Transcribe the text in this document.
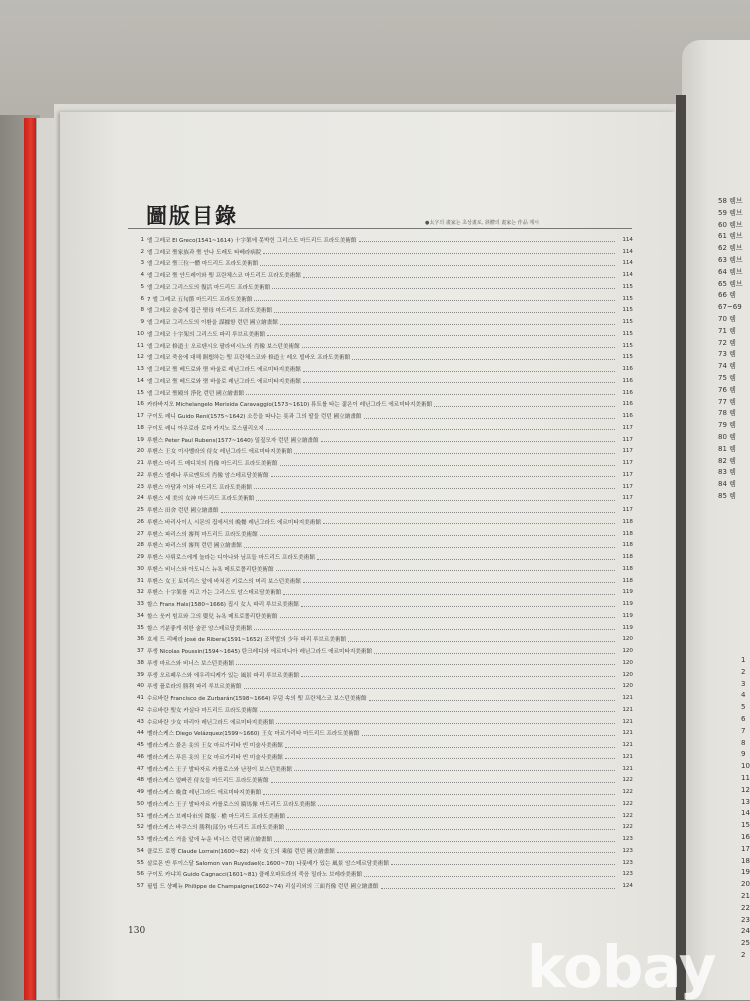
圖版目錄	●太字의 畫家는 초상畫로, 斜體의 畫家는 作品 제시
1 엘 그레코 El Greco(1541~1614) 十字架에 못박힌 그리스도 마드리드 프라도美術館	114
2 엘 그레코 聖家族과 聖 안나 도레도 타베라病院	114
3 엘 그레코 聖三位一體 마드리드 프라도美術館	114
4 엘 그레코 聖 안드레이와 聖 프란체스코 마드리드 프라도美術館	114
5 엘 그레코 그리스도의 復活 마드리드 프라도美術館	115
6 7 엘 그레코 五旬節 마드리드 프라도美術館	115
8 엘 그레코 술총에 접근 聖母 마드리드 프라도美術館	115
9 엘 그레코 그리스도의 이환을 謀據함 런던 國立繪畫館	115
10 엘 그레코 十字架의 그리스도 파리 루브르美術館	115
11 엘 그레코 修道士 오르텐시오 팔라비시노의 肖像 보스턴美術館	115
12 엘 그레코 죽음에 대해 瞑想하는 聖 프란체스코와 修道士 레오 빌바오 프라도美術館	115
13 엘 그레코 聖 베드로와 聖 바울로 레닌그라드 에르미타지美術館	116
14 엘 그레코 聖 베드로와 聖 바울로 레닌그라드 에르미타지美術館	116
15 엘 그레코 聖殿의 淨化 런던 國立繪畫館	116
16 카라바지오 Michelangelo Merisida Caravaggio(1573~1610) 류트를 타는 젊은이 레닌그라드 에르미타지美術館	116
17 구이도 레니 Guido Reni(1575~1642) 소등을 따나는 롯과 그의 딸들 런던 國立繪畫館	116
18 구이도 레니 아우로라 로마 카지노 로스필리오지	117
19 루벤스 Peter Paul Rubens(1577~1640) 밀짚모자 런던 國立繪畫館	117
20 루벤스 王女 이사벨라의 侍女 레닌그라드 에르미타지美術館	117
21 루벤스 마리 드 메디치의 肖像 마드리드 프라도美術館	117
22 루벤스 엘레나 푸르멘트의 肖像 암스테르담美術館	117
23 루벤스 아담과 이와 마드리드 프라도美術館	117
24 루벤스 세 美의 女神 마드리드 프라도美術館	117
25 루벤스 田舍 런던 國立繪畫館	117
26 루벤스 바리사이人 시몬의 집에서의 晩餐 레닌그라드 에르미타지美術館	118
27 루벤스 파리스의 審判 마드리드 프라도美術館	118
28 루벤스 파리스의 審判 런던 國立繪畫館	118
29 루벤스 사튀로스에게 놀라는 디아나와 님프들 마드리드 프라도美術館	118
30 루벤스 비너스와 아도니스 뉴욕 메트로폴리탄美術館	118
31 루벤스 女王 토미리스 앞에 바쳐진 키로스의 머리 보스턴美術館	118
32 루벤스 十字架를 지고 가는 그리스도 암스테르담美術館	119
33 할스 Frans Hals(1580~1666) 집시 女人 파리 루브르美術館	119
34 할스 웃커 힘프와 그의 嬰兒 뉴욕 메트로폴리탄美術館	119
35 할스 기분좋게 취한 술꾼 암스테르담美術館	119
36 호세 드 리베라 José de Ribera(1591~1652) 조막발의 少年 파리 루브르美術館	120
37 푸생 Nicolas Poussin(1594~1645) 탄크레디와 에르미니아 레닌그라드 에르미타지美術館	120
38 푸생 마르스와 비너스 보스턴美術館	120
39 푸생 오르페우스와 에우리디케가 있는 風景 파리 루브르美術館	120
40 푸생 플로라의 勝利 파리 루브르美術館	120
41 수르바란 Francisco de Zurbarán(1598~1664) 무덤 속의 聖 프란체스코 보스턴美術館	121
42 수르바란 聖女 카실다 마드리드 프라도美術館	121
43 수르바란 少女 마리아 레닌그라드 에르미타지美術館	121
44 벨라스케스 Diego Velázquez(1599~1660) 王女 마르가리타 마드리드 프라도美術館	121
45 벨라스케스 붉은 옷의 王女 마르가리타 빈 미술사美術館	121
46 벨라스케스 푸른 옷의 王女 마르가리타 빈 미술사美術館	121
47 벨라스케스 王子 발타자르 카를로스와 난장이 보스턴美術館	121
48 벨라스케스 얼빠진 侍女들 마드리드 프라도美術館	122
49 벨라스케스 晩食 레닌그라드 에르미타지美術館	122
50 벨라스케스 王子 발타자르 카를로스의 騎馬像 마드리드 프라도美術館	122
51 벨라스케스 브레다市의 降服 · 槍 마드리드 프라도美術館	122
52 벨라스케스 바쿠스의 勝利(部分) 마드리드 프라도美術館	122
53 벨라스케스 거울 앞에 누운 비너스 런던 國立繪畫館	123
54 클로드 로랭 Claude Lorrain(1600~82) 시바 女王의 乘船 런던 國立繪畫館	123
55 살로몬 반 루이스달 Salomon van Ruysdael(c.1600~70) 나룻배가 있는 風景 암스테르담美術館	123
56 구이도 카냐치 Guido Cagnacci(1601~81) 클레오파트라의 죽음 밀라노 브레라美術館	123
57 필립 드 샹페뉴 Philippe de Champaigne(1602~74) 리실리외의 三面肖像 런던 國立繪畫館	124
130
58 렘브
59 렘브
60 렘브
61 렘브
62 렘브
63 렘브
64 렘브
65 렘브
66 렘
67~69
70 렘
71 렘
72 렘
73 렘
74 렘
75 렘
76 렘
77 렘
78 렘
79 렘
80 렘
81 렘
82 렘
83 렘
84 렘
85 렘
1
2
3
4
5
6
7
8
9
10
11
12
13
14
15
16
17
18
19
20
21
22
23
24
25
2
kobay
